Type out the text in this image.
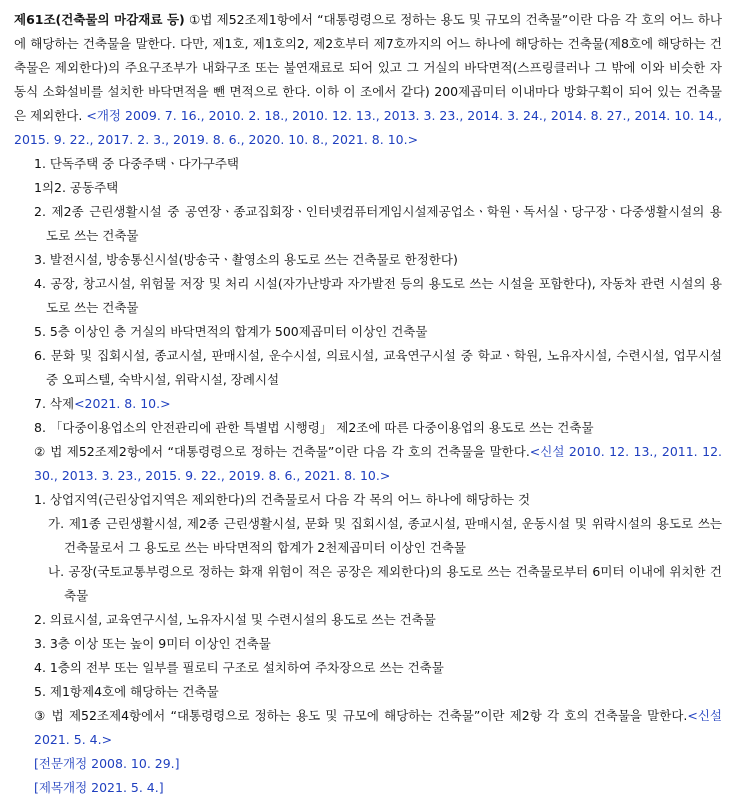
제61조(건축물의 마감재료 등) ①법 제52조제1항에서 “대통령령으로 정하는 용도 및 규모의 건축물”이란 다음 각 호의 어느 하나에 해당하는 건축물을 말한다. 다만, 제1호, 제1호의2, 제2호부터 제7호까지의 어느 하나에 해당하는 건축물(제8호에 해당하는 건축물은 제외한다)의 주요구조부가 내화구조 또는 불연재료로 되어 있고 그 거실의 바닥면적(스프링클러나 그 밖에 이와 비슷한 자동식 소화설비를 설치한 바닥면적을 뺀 면적으로 한다. 이하 이 조에서 같다) 200제곱미터 이내마다 방화구획이 되어 있는 건축물은 제외한다. <개정 2009. 7. 16., 2010. 2. 18., 2010. 12. 13., 2013. 3. 23., 2014. 3. 24., 2014. 8. 27., 2014. 10. 14., 2015. 9. 22., 2017. 2. 3., 2019. 8. 6., 2020. 10. 8., 2021. 8. 10.>

1. 단독주택 중 다중주택ㆍ다가구주택

1의2. 공동주택

2. 제2종 근린생활시설 중 공연장ㆍ종교집회장ㆍ인터넷컴퓨터게임시설제공업소ㆍ학원ㆍ독서실ㆍ당구장ㆍ다중생활시설의 용도로 쓰는 건축물

3. 발전시설, 방송통신시설(방송국ㆍ촬영소의 용도로 쓰는 건축물로 한정한다)

4. 공장, 창고시설, 위험물 저장 및 처리 시설(자가난방과 자가발전 등의 용도로 쓰는 시설을 포함한다), 자동차 관련 시설의 용도로 쓰는 건축물

5. 5층 이상인 층 거실의 바닥면적의 합계가 500제곱미터 이상인 건축물

6. 문화 및 집회시설, 종교시설, 판매시설, 운수시설, 의료시설, 교육연구시설 중 학교ㆍ학원, 노유자시설, 수련시설, 업무시설 중 오피스텔, 숙박시설, 위락시설, 장례시설

7. 삭제<2021. 8. 10.>

8. 「다중이용업소의 안전관리에 관한 특별법 시행령」 제2조에 따른 다중이용업의 용도로 쓰는 건축물

② 법 제52조제2항에서 “대통령령으로 정하는 건축물”이란 다음 각 호의 건축물을 말한다.<신설 2010. 12. 13., 2011. 12. 30., 2013. 3. 23., 2015. 9. 22., 2019. 8. 6., 2021. 8. 10.>

1. 상업지역(근린상업지역은 제외한다)의 건축물로서 다음 각 목의 어느 하나에 해당하는 것

가. 제1종 근린생활시설, 제2종 근린생활시설, 문화 및 집회시설, 종교시설, 판매시설, 운동시설 및 위락시설의 용도로 쓰는 건축물로서 그 용도로 쓰는 바닥면적의 합계가 2천제곱미터 이상인 건축물

나. 공장(국토교통부령으로 정하는 화재 위험이 적은 공장은 제외한다)의 용도로 쓰는 건축물로부터 6미터 이내에 위치한 건축물

2. 의료시설, 교육연구시설, 노유자시설 및 수련시설의 용도로 쓰는 건축물

3. 3층 이상 또는 높이 9미터 이상인 건축물

4. 1층의 전부 또는 일부를 필로티 구조로 설치하여 주차장으로 쓰는 건축물

5. 제1항제4호에 해당하는 건축물

③ 법 제52조제4항에서 “대통령령으로 정하는 용도 및 규모에 해당하는 건축물”이란 제2항 각 호의 건축물을 말한다.<신설 2021. 5. 4.>

[전문개정 2008. 10. 29.]

[제목개정 2021. 5. 4.]
